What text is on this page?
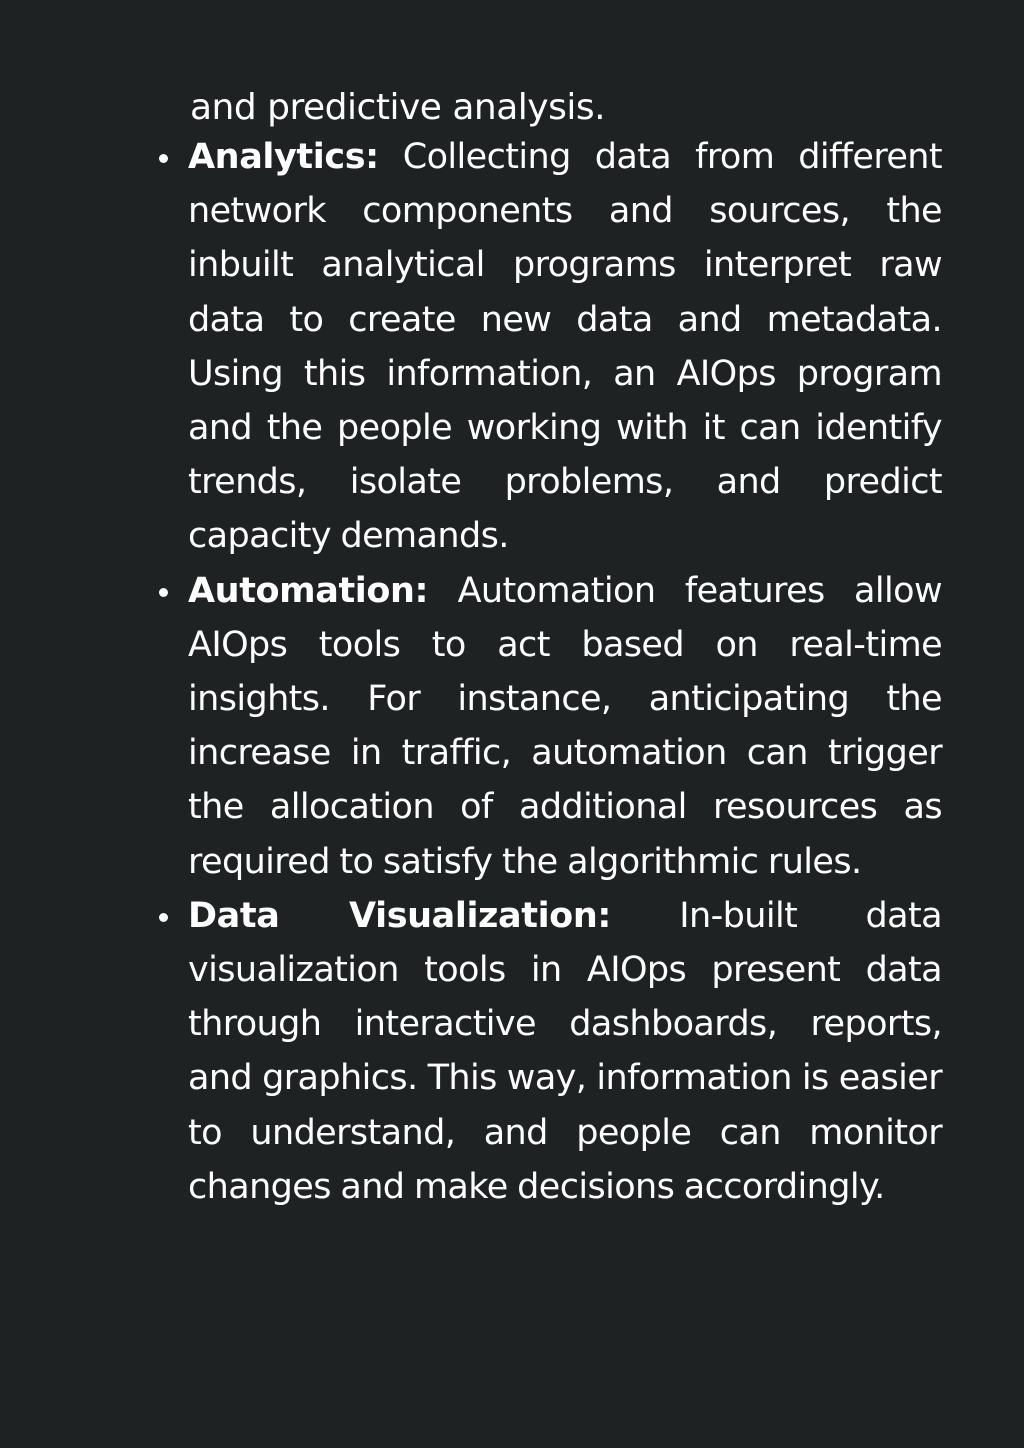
and predictive analysis.
Analytics: Collecting data from different network components and sources, the inbuilt analytical programs interpret raw data to create new data and metadata. Using this information, an AIOps program and the people working with it can identify trends, isolate problems, and predict capacity demands.
Automation: Automation features allow AIOps tools to act based on real-time insights. For instance, anticipating the increase in traffic, automation can trigger the allocation of additional resources as required to satisfy the algorithmic rules.
Data Visualization: In-built data visualization tools in AIOps present data through interactive dashboards, reports, and graphics. This way, information is easier to understand, and people can monitor changes and make decisions accordingly.
